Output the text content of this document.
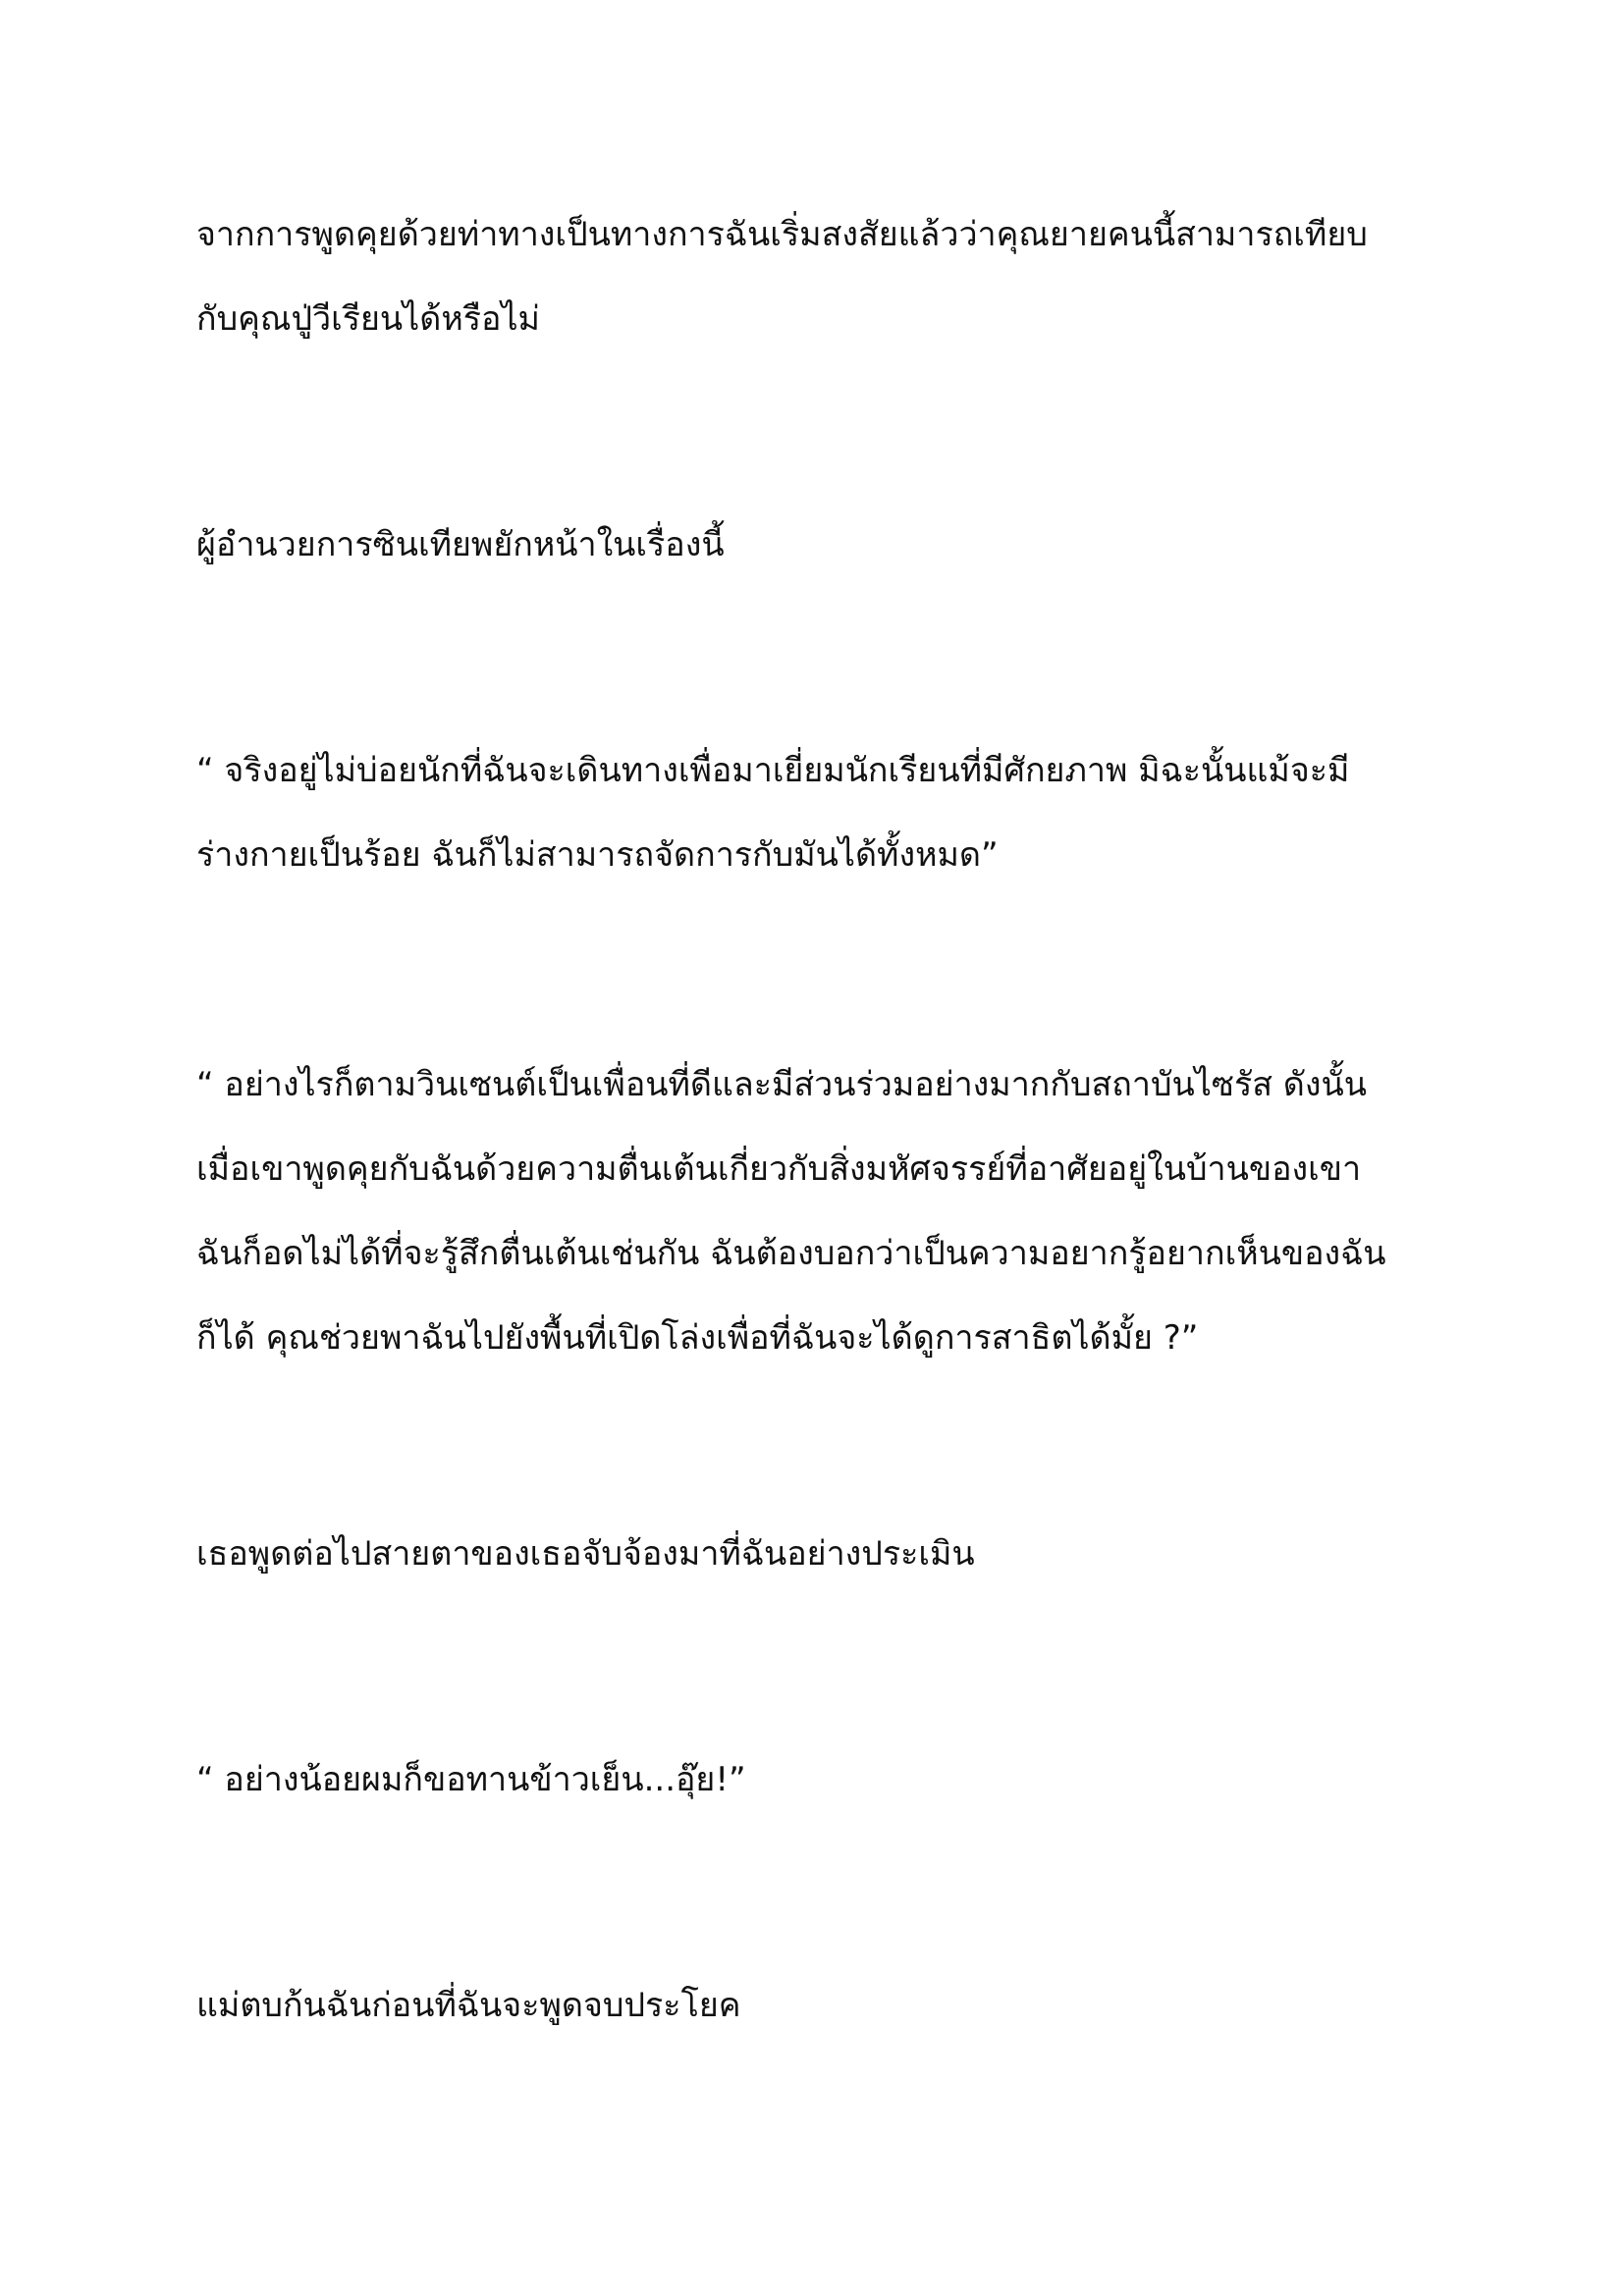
จากการพูดคุยด้วยท่าทางเป็นทางการฉันเริ่มสงสัยแล้วว่าคุณยายคนนี้สามารถเทียบ
กับคุณปู่วีเรียนได้หรือไม่

ผู้อำนวยการซินเทียพยักหน้าในเรื่องนี้

“ จริงอยู่ไม่บ่อยนักที่ฉันจะเดินทางเพื่อมาเยี่ยมนักเรียนที่มีศักยภาพ มิฉะนั้นแม้จะมี
ร่างกายเป็นร้อย ฉันก็ไม่สามารถจัดการกับมันได้ทั้งหมด”

“ อย่างไรก็ตามวินเซนต์เป็นเพื่อนที่ดีและมีส่วนร่วมอย่างมากกับสถาบันไซรัส ดังนั้น
เมื่อเขาพูดคุยกับฉันด้วยความตื่นเต้นเกี่ยวกับสิ่งมหัศจรรย์ที่อาศัยอยู่ในบ้านของเขา
ฉันก็อดไม่ได้ที่จะรู้สึกตื่นเต้นเช่นกัน ฉันต้องบอกว่าเป็นความอยากรู้อยากเห็นของฉัน
ก็ได้ คุณช่วยพาฉันไปยังพื้นที่เปิดโล่งเพื่อที่ฉันจะได้ดูการสาธิตได้มั้ย ?”

เธอพูดต่อไปสายตาของเธอจับจ้องมาที่ฉันอย่างประเมิน

“ อย่างน้อยผมก็ขอทานข้าวเย็น...อุ๊ย!”

แม่ตบก้นฉันก่อนที่ฉันจะพูดจบประโยค
